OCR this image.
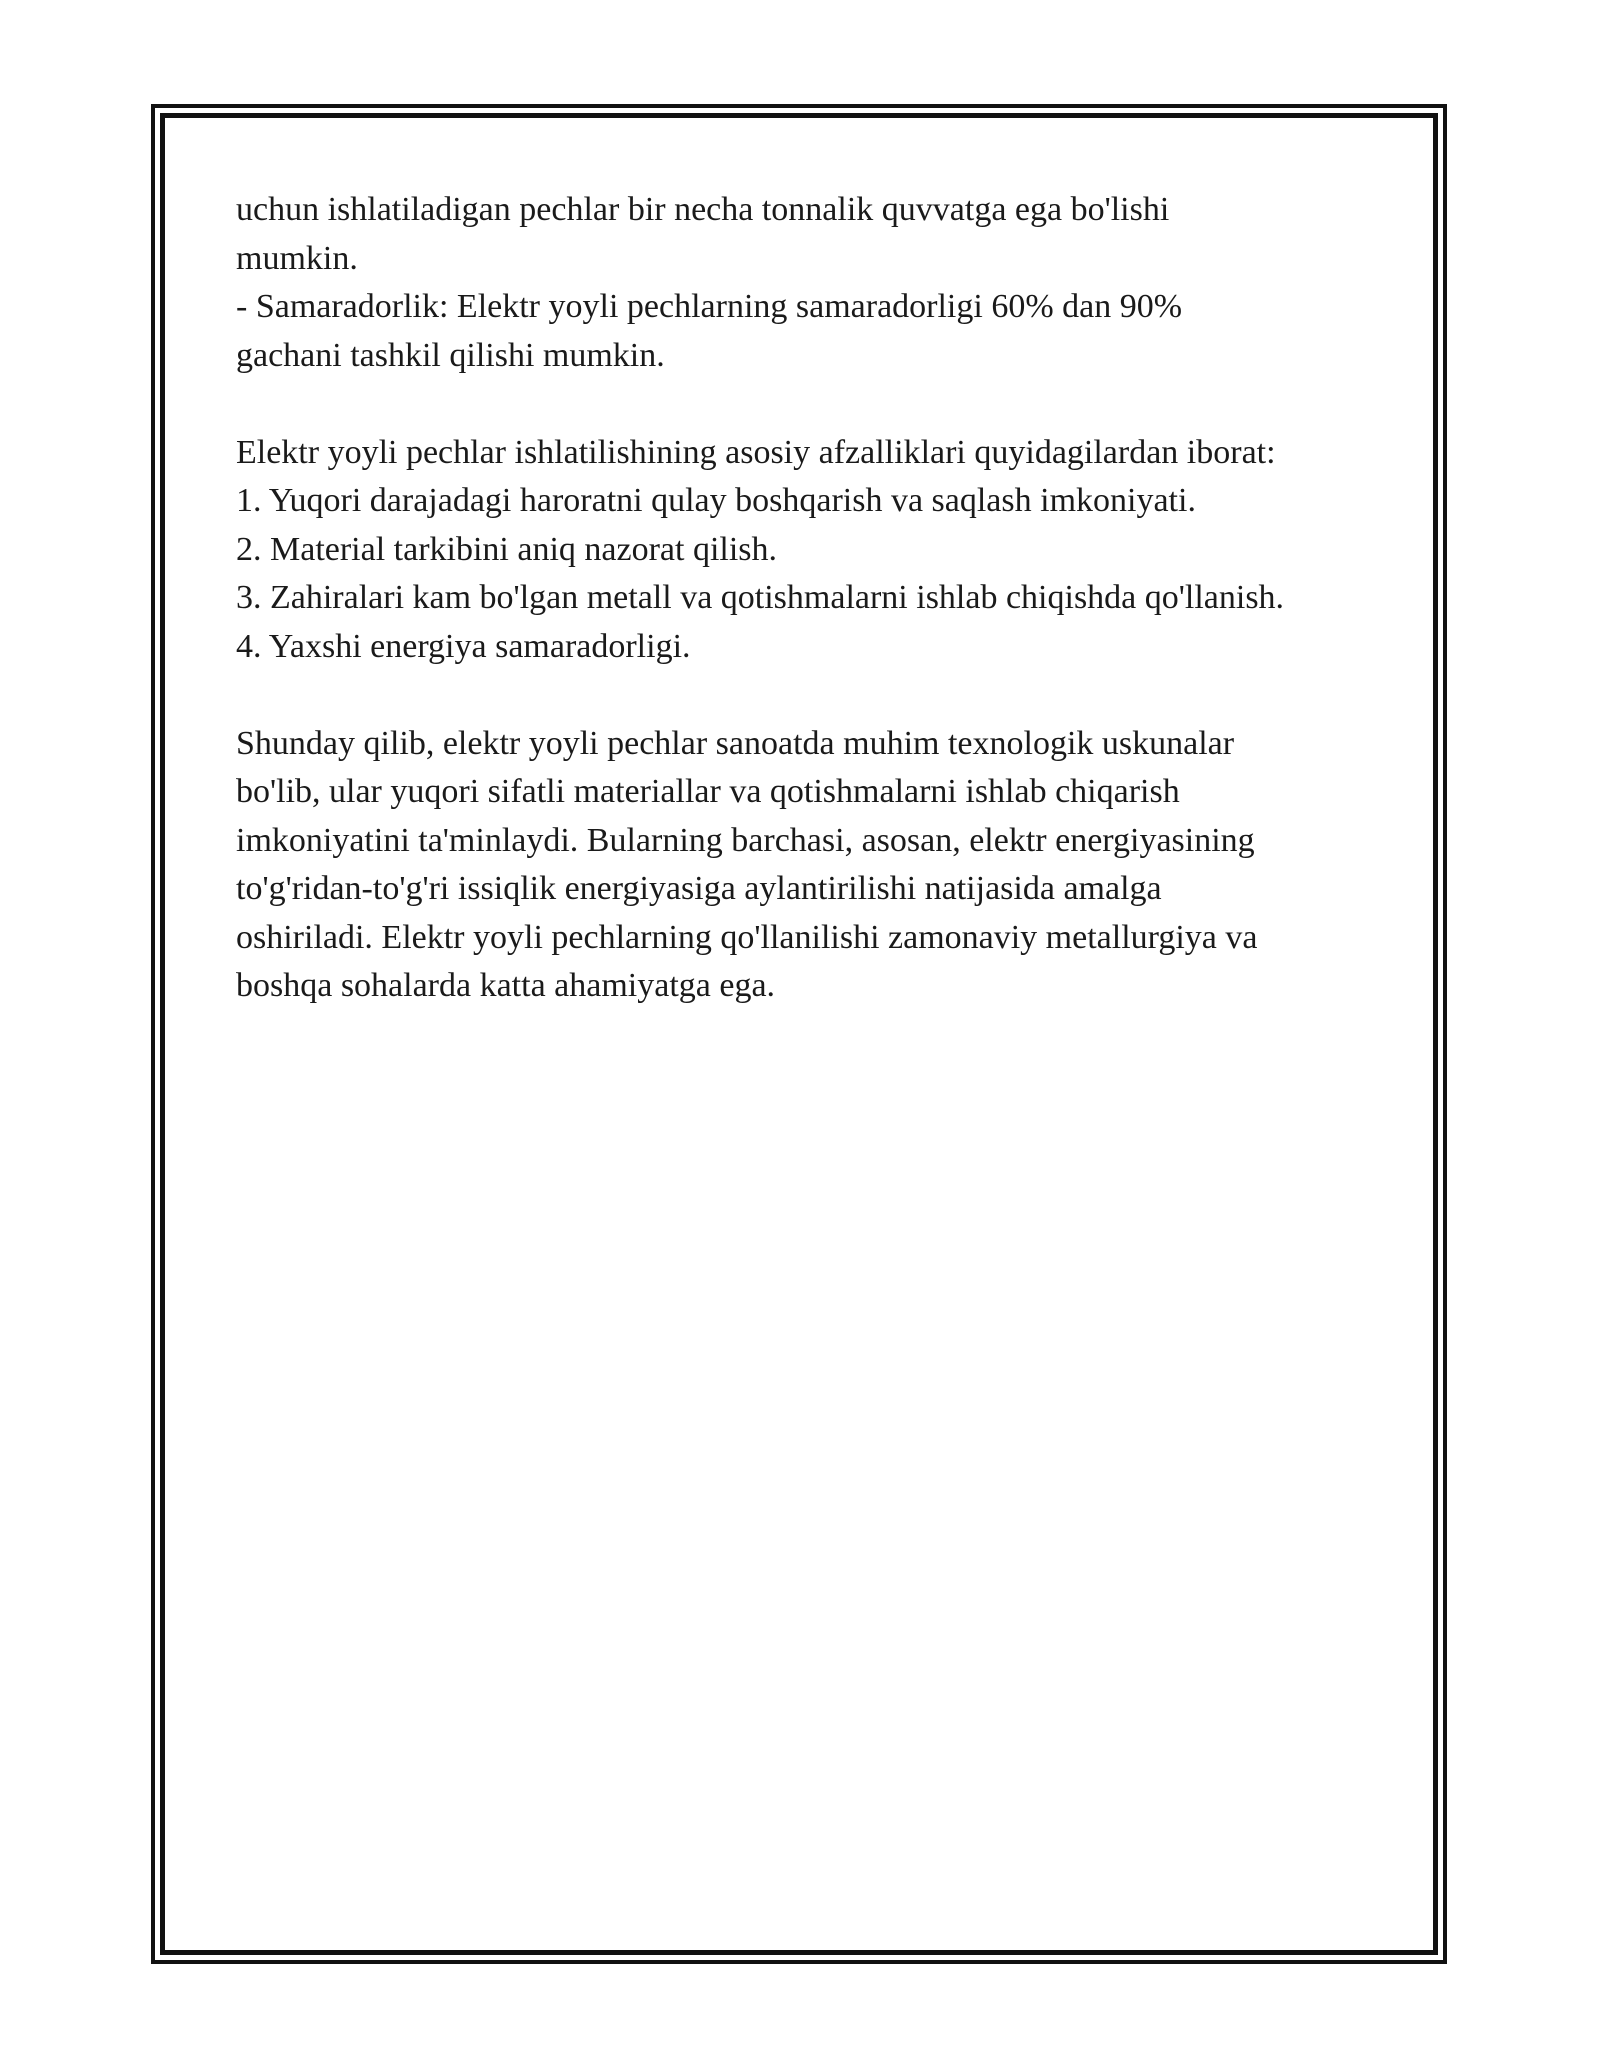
uchun ishlatiladigan pechlar bir necha tonnalik quvvatga ega bo'lishi
mumkin.
- Samaradorlik: Elektr yoyli pechlarning samaradorligi 60% dan 90%
gachani tashkil qilishi mumkin.
Elektr yoyli pechlar ishlatilishining asosiy afzalliklari quyidagilardan iborat:
1. Yuqori darajadagi haroratni qulay boshqarish va saqlash imkoniyati.
2. Material tarkibini aniq nazorat qilish.
3. Zahiralari kam bo'lgan metall va qotishmalarni ishlab chiqishda qo'llanish.
4. Yaxshi energiya samaradorligi.
Shunday qilib, elektr yoyli pechlar sanoatda muhim texnologik uskunalar
bo'lib, ular yuqori sifatli materiallar va qotishmalarni ishlab chiqarish
imkoniyatini ta'minlaydi. Bularning barchasi, asosan, elektr energiyasining
to'g'ridan-to'g'ri issiqlik energiyasiga aylantirilishi natijasida amalga
oshiriladi. Elektr yoyli pechlarning qo'llanilishi zamonaviy metallurgiya va
boshqa sohalarda katta ahamiyatga ega.
